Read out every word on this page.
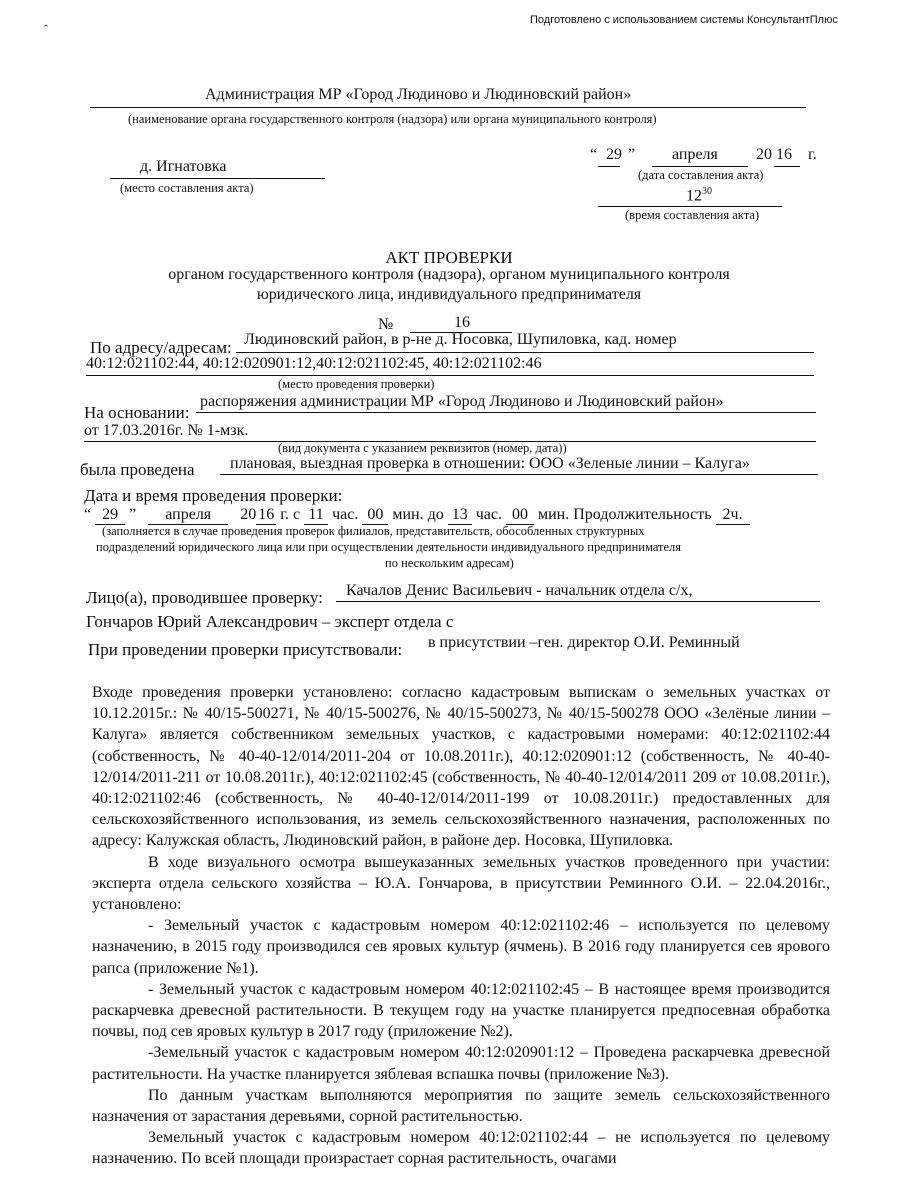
ˆ
Подготовлено с использованием системы КонсультантПлюс
Администрация МР «Город Людиново и Людиновский район»
(наименование органа государственного контроля (надзора) или органа муниципального контроля)
д. Игнатовка
(место составления акта)
“ 29 ” апреля 20 16 г.
(дата составления акта)
$12^{30}$
(время составления акта)
АКТ ПРОВЕРКИ
органом государственного контроля (надзора), органом муниципального контроля
юридического лица, индивидуального предпринимателя
№	16
По адресу/адресам: Людиновский район, в р-не д. Носовка, Шупиловка, кад. номер
40:12:021102:44, 40:12:020901:12,40:12:021102:45, 40:12:021102:46
(место проведения проверки)
На основании:
распоряжения администрации МР «Город Людиново и Людиновский район»
от 17.03.2016г. № 1-мзк.
(вид документа с указанием реквизитов (номер, дата))
была проведена плановая, выездная проверка в отношении: ООО «Зеленые линии – Калуга»
Дата и время проведения проверки:
“ 29 ” апреля 20 16 г. с 11 час. 00 мин. до 13 час. 00 мин. Продолжительность 2ч.
(заполняется в случае проведения проверок филиалов, представительств, обособленных структурных
подразделений юридического лица или при осуществлении деятельности индивидуального предпринимателя
по нескольким адресам)
Лицо(а), проводившее проверку: Качалов Денис Васильевич - начальник отдела с/х,
Гончаров Юрий Александрович – эксперт отдела с
При проведении проверки присутствовали: в присутствии –ген. директор О.И. Реминный

Входе проведения проверки установлено: согласно кадастровым выпискам о земельных участках от 10.12.2015г.: № 40/15-500271, № 40/15-500276, № 40/15-500273, № 40/15-500278 ООО «Зелёные линии – Калуга» является собственником земельных участков, с кадастровыми номерами: 40:12:021102:44 (собственность, № 40-40-12/014/2011-204 от 10.08.2011г.), 40:12:020901:12 (собственность, № 40-40-12/014/2011-211 от 10.08.2011г.), 40:12:021102:45 (собственность, № 40-40-12/014/2011 209 от 10.08.2011г.), 40:12:021102:46 (собственность, № 40-40-12/014/2011-199 от 10.08.2011г.) предоставленных для сельскохозяйственного использования, из земель сельскохозяйственного назначения, расположенных по адресу: Калужская область, Людиновский район, в районе дер. Носовка, Шупиловка.

В ходе визуального осмотра вышеуказанных земельных участков проведенного при участии: эксперта отдела сельского хозяйства – Ю.А. Гончарова, в присутствии Реминного О.И. – 22.04.2016г., установлено:

- Земельный участок с кадастровым номером 40:12:021102:46 – используется по целевому назначению, в 2015 году производился сев яровых культур (ячмень). В 2016 году планируется сев ярового рапса (приложение №1).

- Земельный участок с кадастровым номером 40:12:021102:45 – В настоящее время производится раскарчевка древесной растительности. В текущем году на участке планируется предпосевная обработка почвы, под сев яровых культур в 2017 году (приложение №2).

-Земельный участок с кадастровым номером 40:12:020901:12 – Проведена раскарчевка древесной растительности. На участке планируется зяблевая вспашка почвы (приложение №3).

По данным участкам выполняются мероприятия по защите земель сельскохозяйственного назначения от зарастания деревьями, сорной растительностью.

Земельный участок с кадастровым номером 40:12:021102:44 – не используется по целевому назначению. По всей площади произрастает сорная растительность, очагами
